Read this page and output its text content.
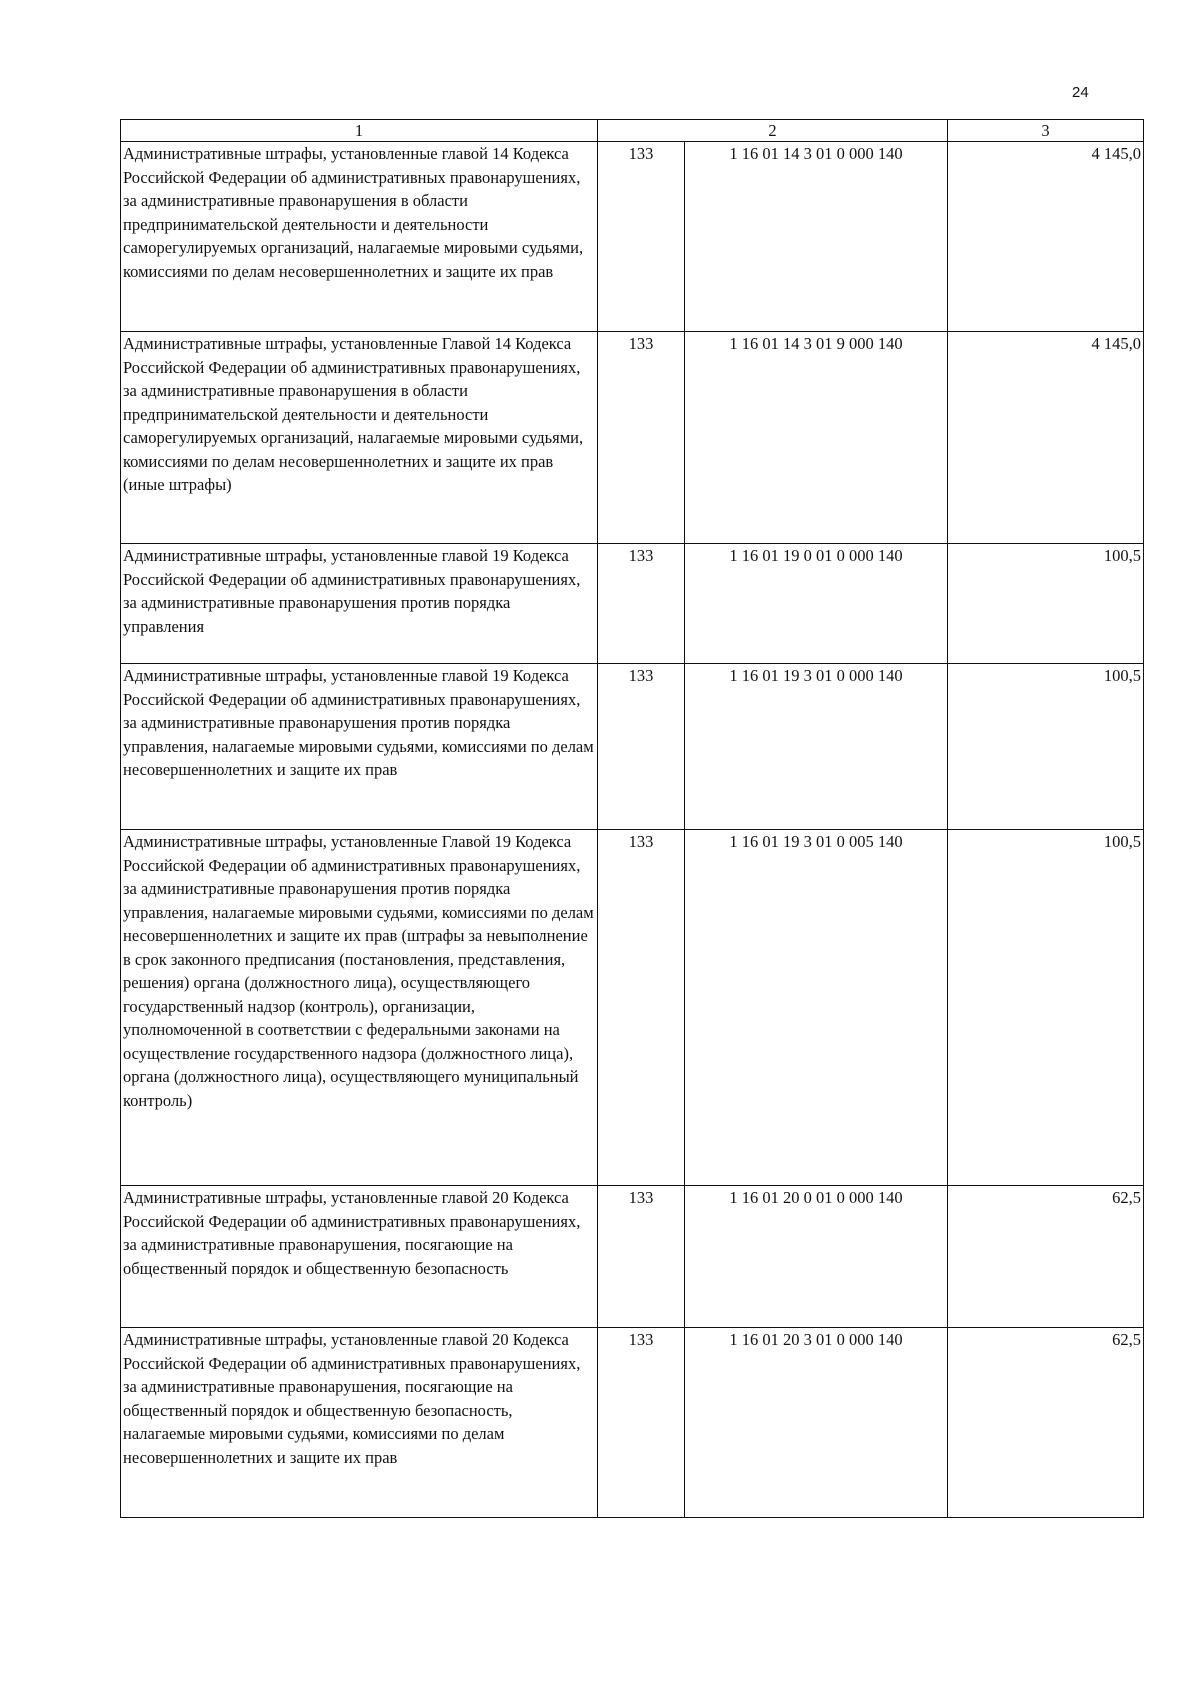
24
1	2		3
Административные штрафы, установленные главой 14 Кодекса Российской Федерации об административных правонарушениях, за административные правонарушения в области предпринимательской деятельности и деятельности саморегулируемых организаций, налагаемые мировыми судьями, комиссиями по делам несовершеннолетних и защите их прав	133	1 16 01 14 3 01 0 000 140	4 145,0
Административные штрафы, установленные Главой 14 Кодекса Российской Федерации об административных правонарушениях, за административные правонарушения в области предпринимательской деятельности и деятельности саморегулируемых организаций, налагаемые мировыми судьями, комиссиями по делам несовершеннолетних и защите их прав (иные штрафы)	133	1 16 01 14 3 01 9 000 140	4 145,0
Административные штрафы, установленные главой 19 Кодекса Российской Федерации об административных правонарушениях, за административные правонарушения против порядка управления	133	1 16 01 19 0 01 0 000 140	100,5
Административные штрафы, установленные главой 19 Кодекса Российской Федерации об административных правонарушениях, за административные правонарушения против порядка управления, налагаемые мировыми судьями, комиссиями по делам несовершеннолетних и защите их прав	133	1 16 01 19 3 01 0 000 140	100,5
Административные штрафы, установленные Главой 19 Кодекса Российской Федерации об административных правонарушениях, за административные правонарушения против порядка управления, налагаемые мировыми судьями, комиссиями по делам несовершеннолетних и защите их прав (штрафы за невыполнение в срок законного предписания (постановления, представления, решения) органа (должностного лица), осуществляющего государственный надзор (контроль), организации, уполномоченной в соответствии с федеральными законами на осуществление государственного надзора (должностного лица), органа (должностного лица), осуществляющего муниципальный контроль)	133	1 16 01 19 3 01 0 005 140	100,5
Административные штрафы, установленные главой 20 Кодекса Российской Федерации об административных правонарушениях, за административные правонарушения, посягающие на общественный порядок и общественную безопасность	133	1 16 01 20 0 01 0 000 140	62,5
Административные штрафы, установленные главой 20 Кодекса Российской Федерации об административных правонарушениях, за административные правонарушения, посягающие на общественный порядок и общественную безопасность, налагаемые мировыми судьями, комиссиями по делам несовершеннолетних и защите их прав	133	1 16 01 20 3 01 0 000 140	62,5
